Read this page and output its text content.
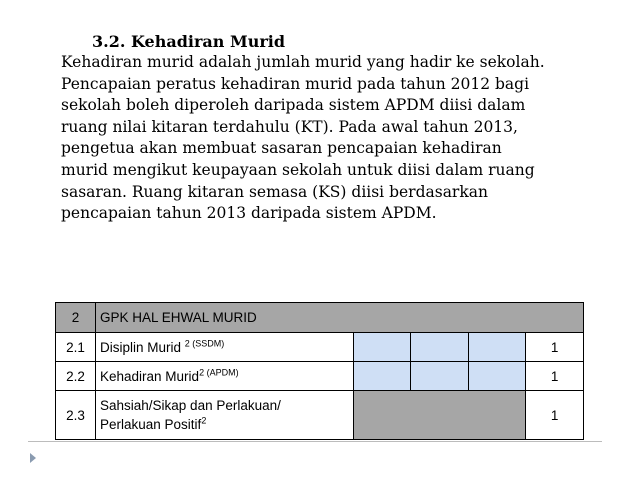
3.2. Kehadiran Murid
Kehadiran murid adalah jumlah murid yang hadir ke sekolah.
Pencapaian peratus kehadiran murid pada tahun 2012 bagi
sekolah boleh diperoleh daripada sistem APDM diisi dalam
ruang nilai kitaran terdahulu (KT). Pada awal tahun 2013,
pengetua akan membuat sasaran pencapaian kehadiran
murid mengikut keupayaan sekolah untuk diisi dalam ruang
sasaran. Ruang kitaran semasa (KS) diisi berdasarkan
pencapaian tahun 2013 daripada sistem APDM.
2	GPK HAL EHWAL MURID				
2.1	Disiplin Murid $^{2 (SSDM)}$				1
2.2	Kehadiran Murid$^{2 (APDM)}$				1
2.3	Sahsiah/Sikap dan Perlakuan/
Perlakuan Positif$^2$				1
